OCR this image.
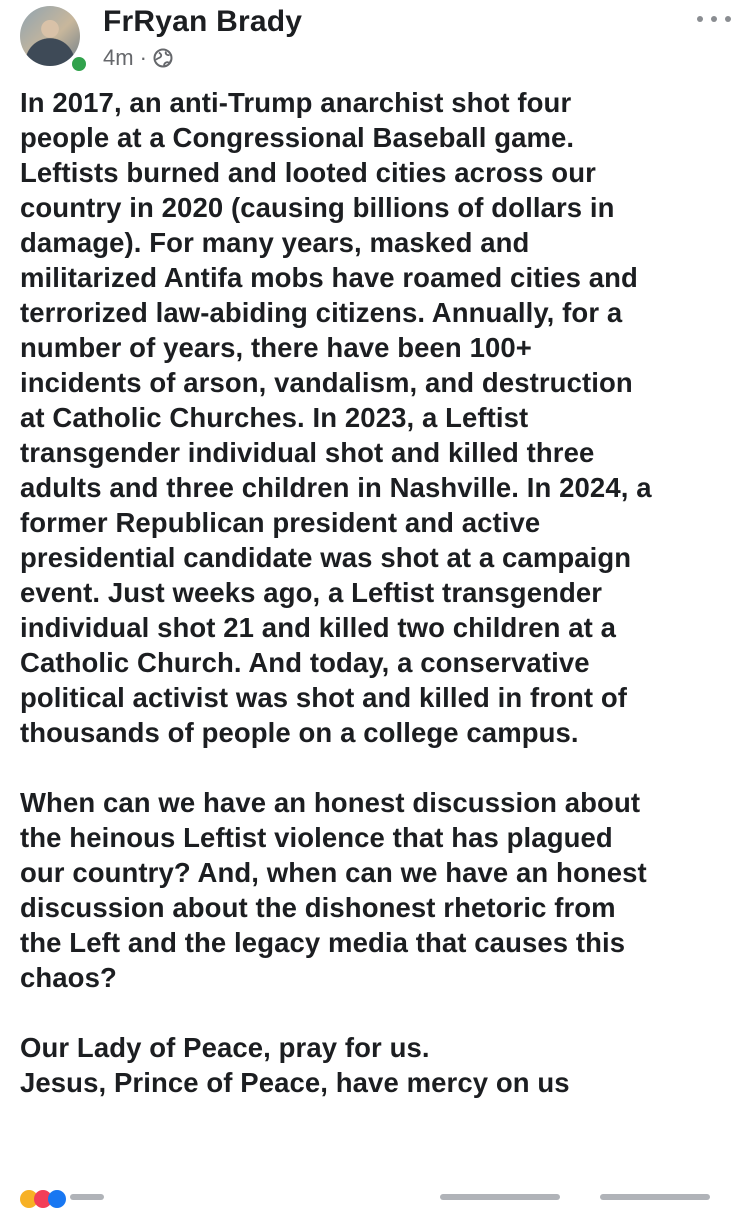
FrRyan Brady
4m ·

In 2017, an anti-Trump anarchist shot four

people at a Congressional Baseball game.

Leftists burned and looted cities across our

country in 2020 (causing billions of dollars in

damage). For many years, masked and

militarized Antifa mobs have roamed cities and

terrorized law-abiding citizens. Annually, for a

number of years, there have been 100+

incidents of arson, vandalism, and destruction

at Catholic Churches. In 2023, a Leftist

transgender individual shot and killed three

adults and three children in Nashville. In 2024, a

former Republican president and active

presidential candidate was shot at a campaign

event. Just weeks ago, a Leftist transgender

individual shot 21 and killed two children at a

Catholic Church. And today, a conservative

political activist was shot and killed in front of

thousands of people on a college campus.

When can we have an honest discussion about

the heinous Leftist violence that has plagued

our country? And, when can we have an honest

discussion about the dishonest rhetoric from

the Left and the legacy media that causes this

chaos?

Our Lady of Peace, pray for us.

Jesus, Prince of Peace, have mercy on us
